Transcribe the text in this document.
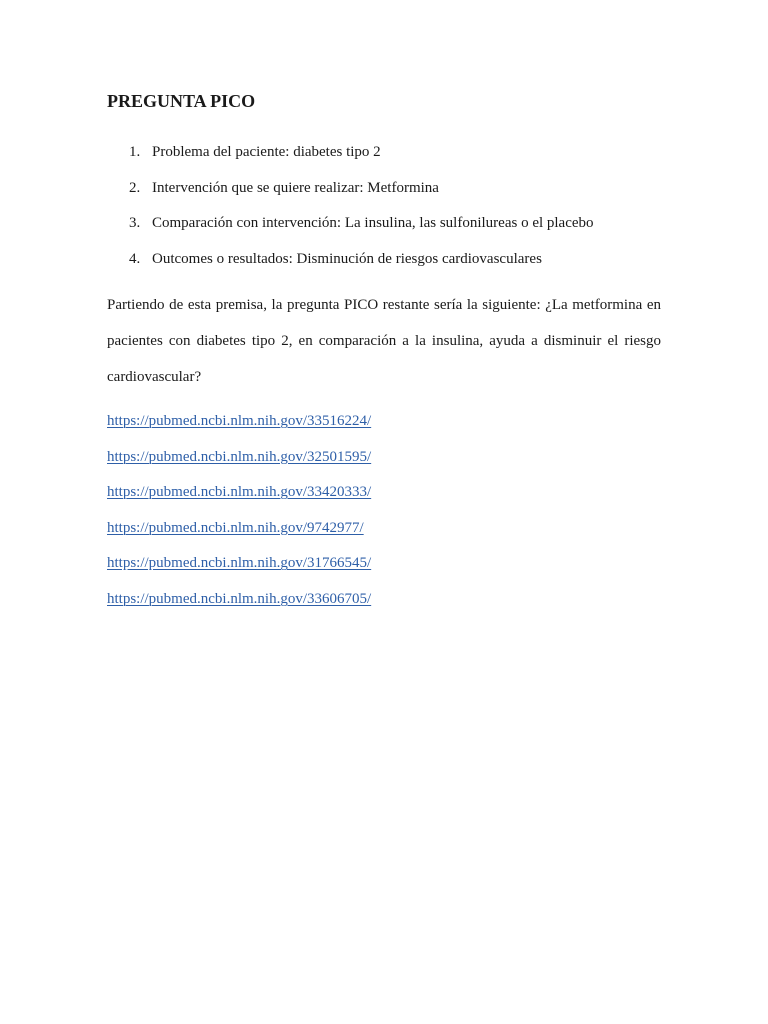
PREGUNTA PICO
1. Problema del paciente: diabetes tipo 2
2. Intervención que se quiere realizar: Metformina
3. Comparación con intervención: La insulina, las sulfonilureas o el placebo
4. Outcomes o resultados: Disminución de riesgos cardiovasculares

Partiendo de esta premisa, la pregunta PICO restante sería la siguiente: ¿La metformina en pacientes con diabetes tipo 2, en comparación a la insulina, ayuda a disminuir el riesgo cardiovascular?

https://pubmed.ncbi.nlm.nih.gov/33516224/
https://pubmed.ncbi.nlm.nih.gov/32501595/
https://pubmed.ncbi.nlm.nih.gov/33420333/
https://pubmed.ncbi.nlm.nih.gov/9742977/
https://pubmed.ncbi.nlm.nih.gov/31766545/
https://pubmed.ncbi.nlm.nih.gov/33606705/
